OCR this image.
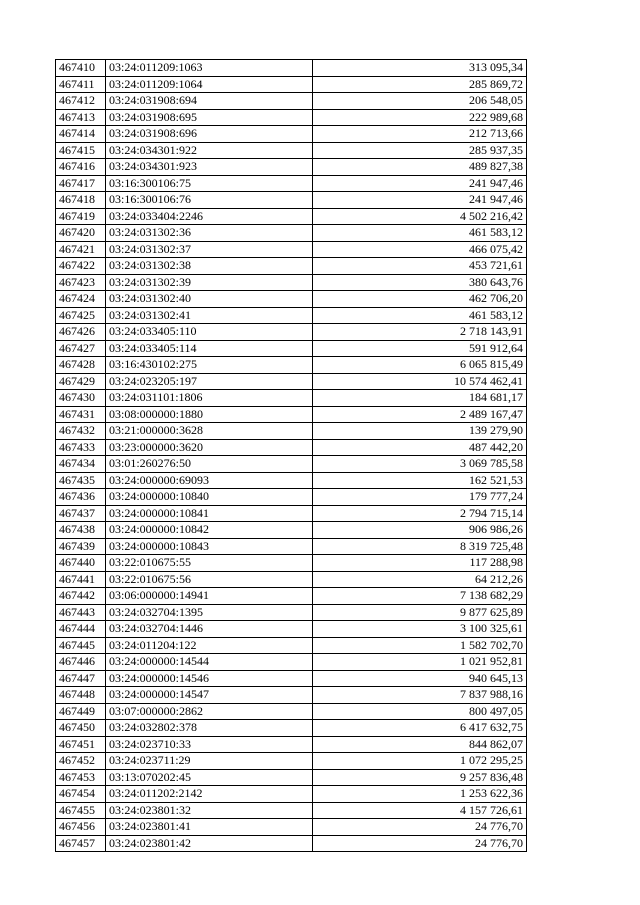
467410	03:24:011209:1063	313 095,34
467411	03:24:011209:1064	285 869,72
467412	03:24:031908:694	206 548,05
467413	03:24:031908:695	222 989,68
467414	03:24:031908:696	212 713,66
467415	03:24:034301:922	285 937,35
467416	03:24:034301:923	489 827,38
467417	03:16:300106:75	241 947,46
467418	03:16:300106:76	241 947,46
467419	03:24:033404:2246	4 502 216,42
467420	03:24:031302:36	461 583,12
467421	03:24:031302:37	466 075,42
467422	03:24:031302:38	453 721,61
467423	03:24:031302:39	380 643,76
467424	03:24:031302:40	462 706,20
467425	03:24:031302:41	461 583,12
467426	03:24:033405:110	2 718 143,91
467427	03:24:033405:114	591 912,64
467428	03:16:430102:275	6 065 815,49
467429	03:24:023205:197	10 574 462,41
467430	03:24:031101:1806	184 681,17
467431	03:08:000000:1880	2 489 167,47
467432	03:21:000000:3628	139 279,90
467433	03:23:000000:3620	487 442,20
467434	03:01:260276:50	3 069 785,58
467435	03:24:000000:69093	162 521,53
467436	03:24:000000:10840	179 777,24
467437	03:24:000000:10841	2 794 715,14
467438	03:24:000000:10842	906 986,26
467439	03:24:000000:10843	8 319 725,48
467440	03:22:010675:55	117 288,98
467441	03:22:010675:56	64 212,26
467442	03:06:000000:14941	7 138 682,29
467443	03:24:032704:1395	9 877 625,89
467444	03:24:032704:1446	3 100 325,61
467445	03:24:011204:122	1 582 702,70
467446	03:24:000000:14544	1 021 952,81
467447	03:24:000000:14546	940 645,13
467448	03:24:000000:14547	7 837 988,16
467449	03:07:000000:2862	800 497,05
467450	03:24:032802:378	6 417 632,75
467451	03:24:023710:33	844 862,07
467452	03:24:023711:29	1 072 295,25
467453	03:13:070202:45	9 257 836,48
467454	03:24:011202:2142	1 253 622,36
467455	03:24:023801:32	4 157 726,61
467456	03:24:023801:41	24 776,70
467457	03:24:023801:42	24 776,70
